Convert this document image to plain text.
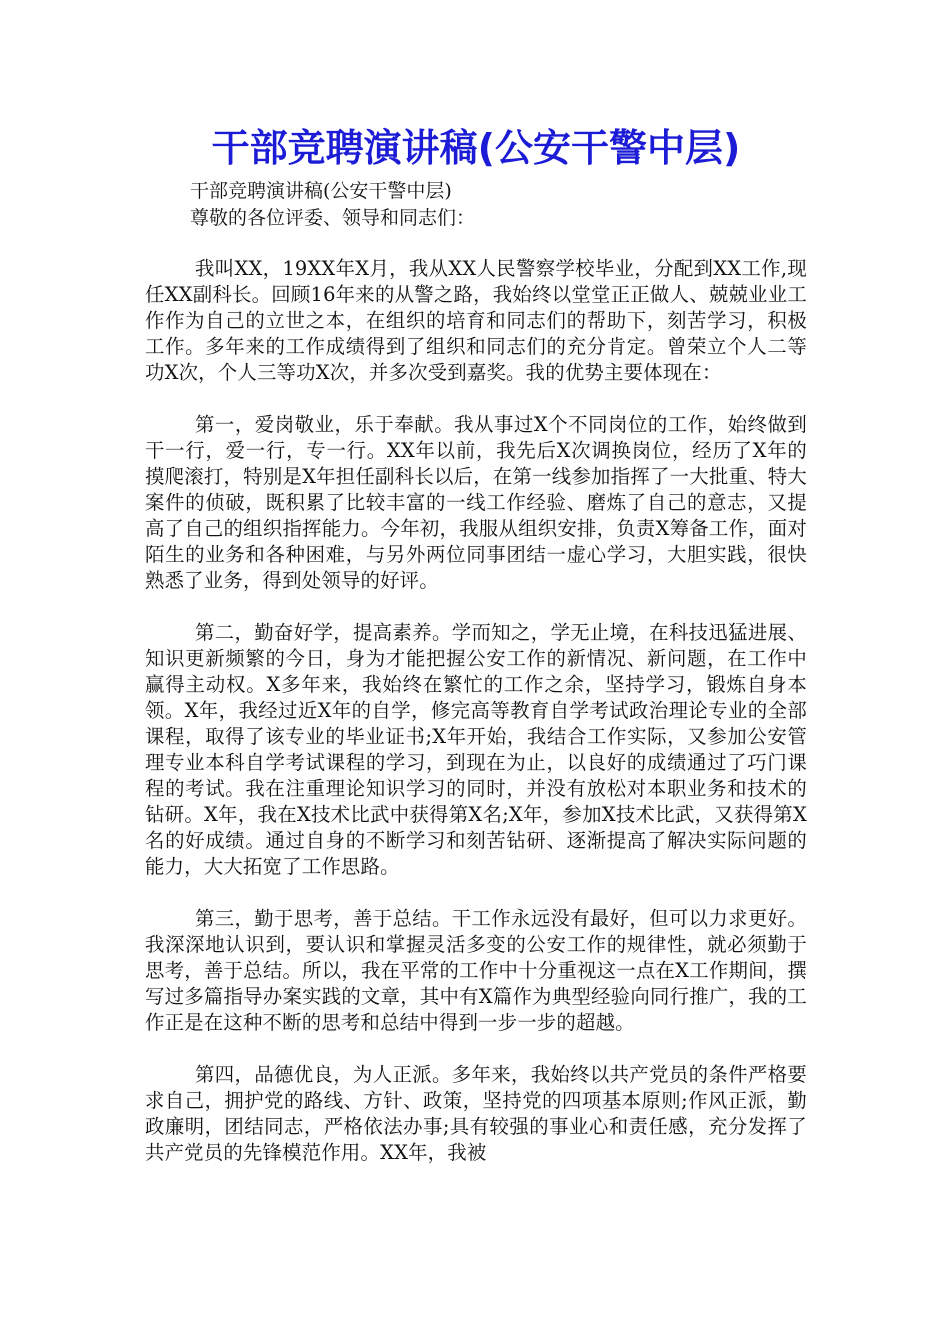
干部竞聘演讲稿(公安干警中层)

干部竞聘演讲稿(公安干警中层)

尊敬的各位评委、领导和同志们：

我叫XX，19XX年X月，我从XX人民警察学校毕业，分配到XX工作,现任XX副科长。回顾16年来的从警之路，我始终以堂堂正正做人、兢兢业业工作作为自己的立世之本，在组织的培育和同志们的帮助下，刻苦学习，积极工作。多年来的工作成绩得到了组织和同志们的充分肯定。曾荣立个人二等功X次，个人三等功X次，并多次受到嘉奖。我的优势主要体现在：

第一，爱岗敬业，乐于奉献。我从事过X个不同岗位的工作，始终做到干一行，爱一行，专一行。XX年以前，我先后X次调换岗位，经历了X年的摸爬滚打，特别是X年担任副科长以后，在第一线参加指挥了一大批重、特大案件的侦破，既积累了比较丰富的一线工作经验、磨炼了自己的意志，又提高了自己的组织指挥能力。今年初，我服从组织安排，负责X筹备工作，面对陌生的业务和各种困难，与另外两位同事团结一虚心学习，大胆实践，很快熟悉了业务，得到处领导的好评。

第二，勤奋好学，提高素养。学而知之，学无止境，在科技迅猛进展、知识更新频繁的今日，身为才能把握公安工作的新情况、新问题，在工作中赢得主动权。X多年来，我始终在繁忙的工作之余，坚持学习，锻炼自身本领。X年，我经过近X年的自学，修完高等教育自学考试政治理论专业的全部课程，取得了该专业的毕业证书;X年开始，我结合工作实际，又参加公安管理专业本科自学考试课程的学习，到现在为止，以良好的成绩通过了巧门课程的考试。我在注重理论知识学习的同时，并没有放松对本职业务和技术的钻研。X年，我在X技术比武中获得第X名;X年，参加X技术比武，又获得第X名的好成绩。通过自身的不断学习和刻苦钻研、逐渐提高了解决实际问题的能力，大大拓宽了工作思路。

第三，勤于思考，善于总结。干工作永远没有最好，但可以力求更好。我深深地认识到，要认识和掌握灵活多变的公安工作的规律性，就必须勤于思考，善于总结。所以，我在平常的工作中十分重视这一点在X工作期间，撰写过多篇指导办案实践的文章，其中有X篇作为典型经验向同行推广，我的工作正是在这种不断的思考和总结中得到一步一步的超越。

第四，品德优良，为人正派。多年来，我始终以共产党员的条件严格要求自己，拥护党的路线、方针、政策，坚持党的四项基本原则;作风正派，勤政廉明，团结同志，严格依法办事;具有较强的事业心和责任感，充分发挥了共产党员的先锋模范作用。XX年，我被
